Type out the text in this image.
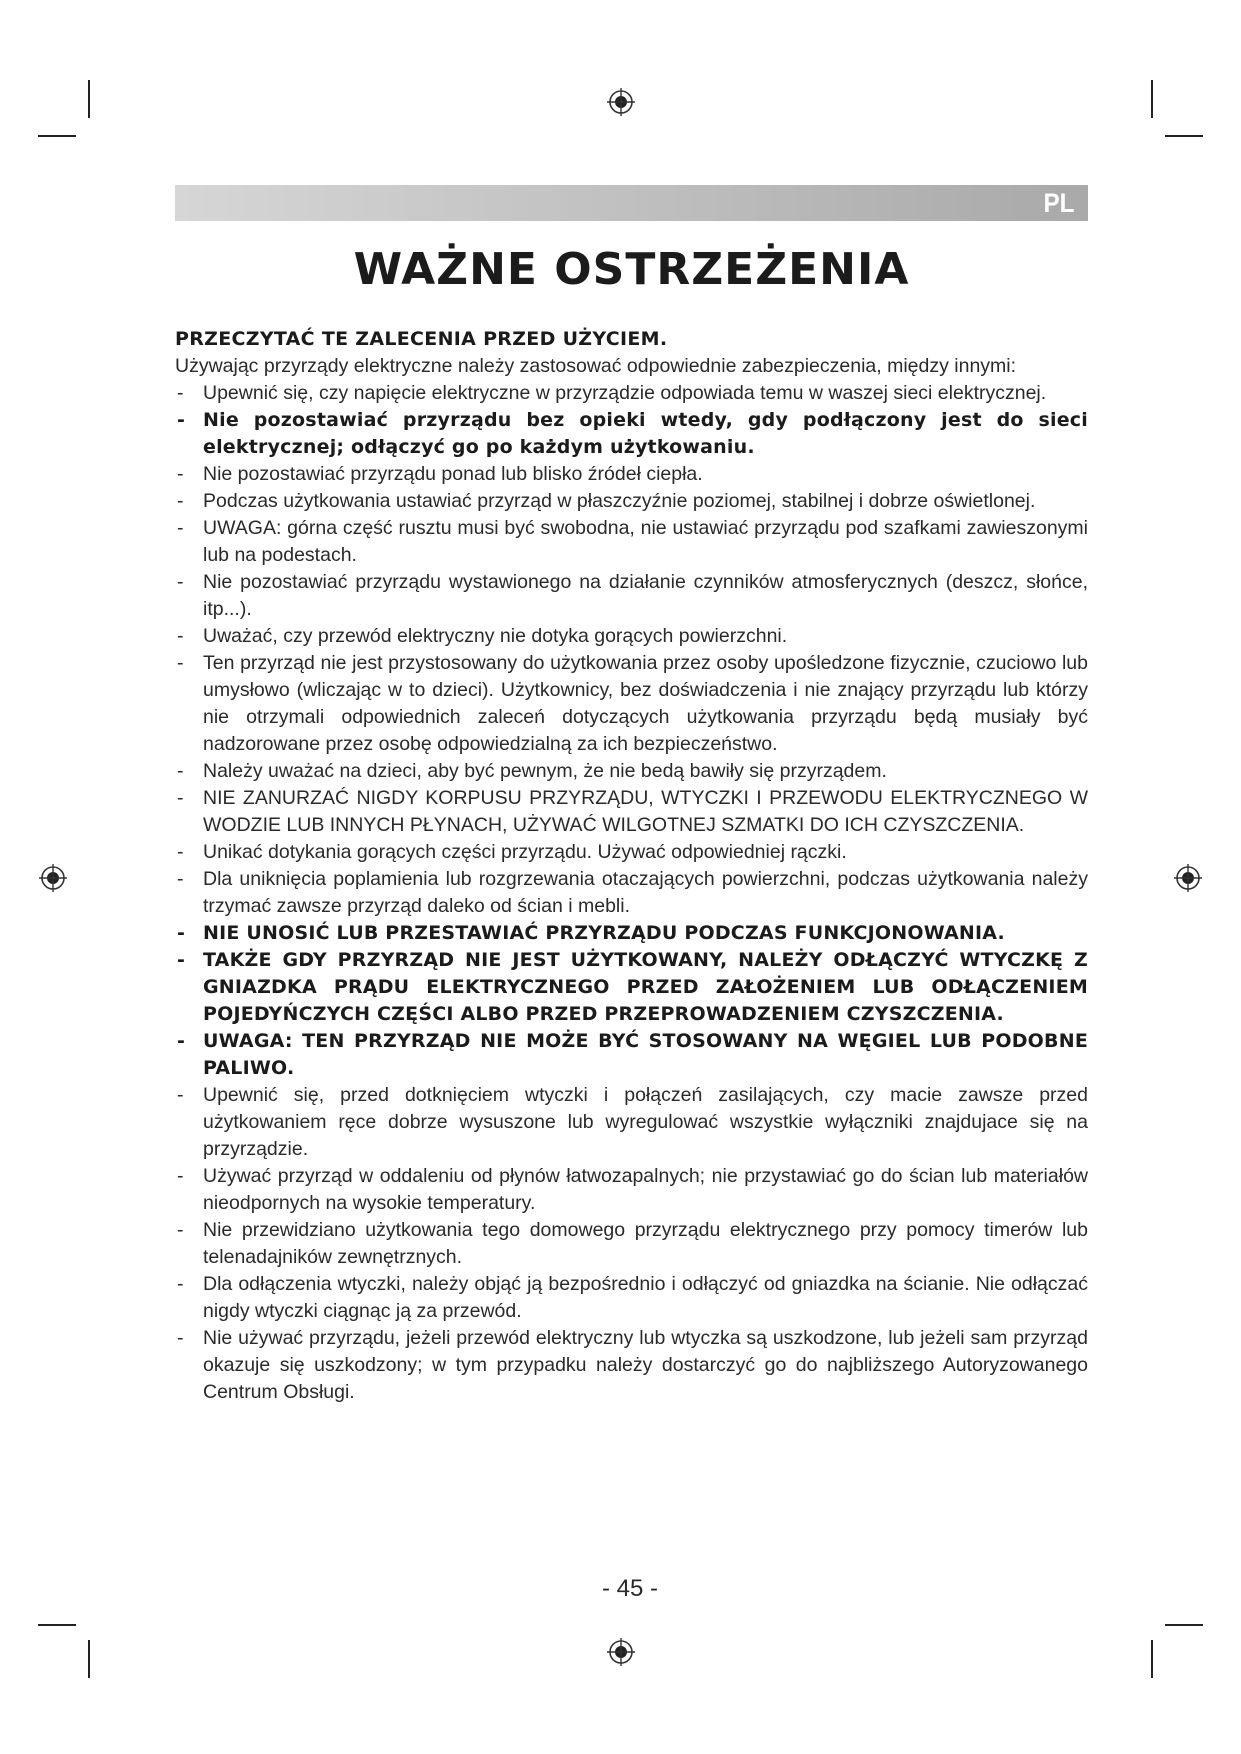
PL
WAŻNE OSTRZEŻENIA
PRZECZYTAĆ TE ZALECENIA PRZED UŻYCIEM.
Używając przyrządy elektryczne należy zastosować odpowiednie zabezpieczenia, między innymi:
- Upewnić się, czy napięcie elektryczne w przyrządzie odpowiada temu w waszej sieci elektrycznej.
- Nie pozostawiać przyrządu bez opieki wtedy, gdy podłączony jest do sieci elektrycznej; odłączyć go po każdym użytkowaniu.
- Nie pozostawiać przyrządu ponad lub blisko źródeł ciepła.
- Podczas użytkowania ustawiać przyrząd w płaszczyźnie poziomej, stabilnej i dobrze oświetlonej.
- UWAGA: górna część rusztu musi być swobodna, nie ustawiać przyrządu pod szafkami zawieszonymi lub na podestach.
- Nie pozostawiać przyrządu wystawionego na działanie czynników atmosferycznych (deszcz, słońce, itp...).
- Uważać, czy przewód elektryczny nie dotyka gorących powierzchni.
- Ten przyrząd nie jest przystosowany do użytkowania przez osoby upośledzone fizycznie, czuciowo lub umysłowo (wliczając w to dzieci). Użytkownicy, bez doświadczenia i nie znający przyrządu lub którzy nie otrzymali odpowiednich zaleceń dotyczących użytkowania przyrządu będą musiały być nadzorowane przez osobę odpowiedzialną za ich bezpieczeństwo.
- Należy uważać na dzieci, aby być pewnym, że nie bedą bawiły się przyrządem.
- NIE ZANURZAĆ NIGDY KORPUSU PRZYRZĄDU, WTYCZKI I PRZEWODU ELEKTRYCZNEGO W WODZIE LUB INNYCH PŁYNACH, UŻYWAĆ WILGOTNEJ SZMATKI DO ICH CZYSZCZENIA.
- Unikać dotykania gorących części przyrządu. Używać odpowiedniej rączki.
- Dla uniknięcia poplamienia lub rozgrzewania otaczających powierzchni, podczas użytkowania należy trzymać zawsze przyrząd daleko od ścian i mebli.
- NIE UNOSIĆ LUB PRZESTAWIAĆ PRZYRZĄDU PODCZAS FUNKCJONOWANIA.
- TAKŻE GDY PRZYRZĄD NIE JEST UŻYTKOWANY, NALEŻY ODŁĄCZYĆ WTYCZKĘ Z GNIAZDKA PRĄDU ELEKTRYCZNEGO PRZED ZAŁOŻENIEM LUB ODŁĄCZENIEM POJEDYŃCZYCH CZĘŚCI ALBO PRZED PRZEPROWADZENIEM CZYSZCZENIA.
- UWAGA: TEN PRZYRZĄD NIE MOŻE BYĆ STOSOWANY NA WĘGIEL LUB PODOBNE PALIWO.
- Upewnić się, przed dotknięciem wtyczki i połączeń zasilających, czy macie zawsze przed użytkowaniem ręce dobrze wysuszone lub wyregulować wszystkie wyłączniki znajdujace się na przyrządzie.
- Używać przyrząd w oddaleniu od płynów łatwozapalnych; nie przystawiać go do ścian lub materiałów nieodpornych na wysokie temperatury.
- Nie przewidziano użytkowania tego domowego przyrządu elektrycznego przy pomocy timerów lub telenadajników zewnętrznych.
- Dla odłączenia wtyczki, należy objąć ją bezpośrednio i odłączyć od gniazdka na ścianie. Nie odłączać nigdy wtyczki ciągnąc ją za przewód.
- Nie używać przyrządu, jeżeli przewód elektryczny lub wtyczka są uszkodzone, lub jeżeli sam przyrząd okazuje się uszkodzony; w tym przypadku należy dostarczyć go do najbliższego Autoryzowanego Centrum Obsługi.
- 45 -
